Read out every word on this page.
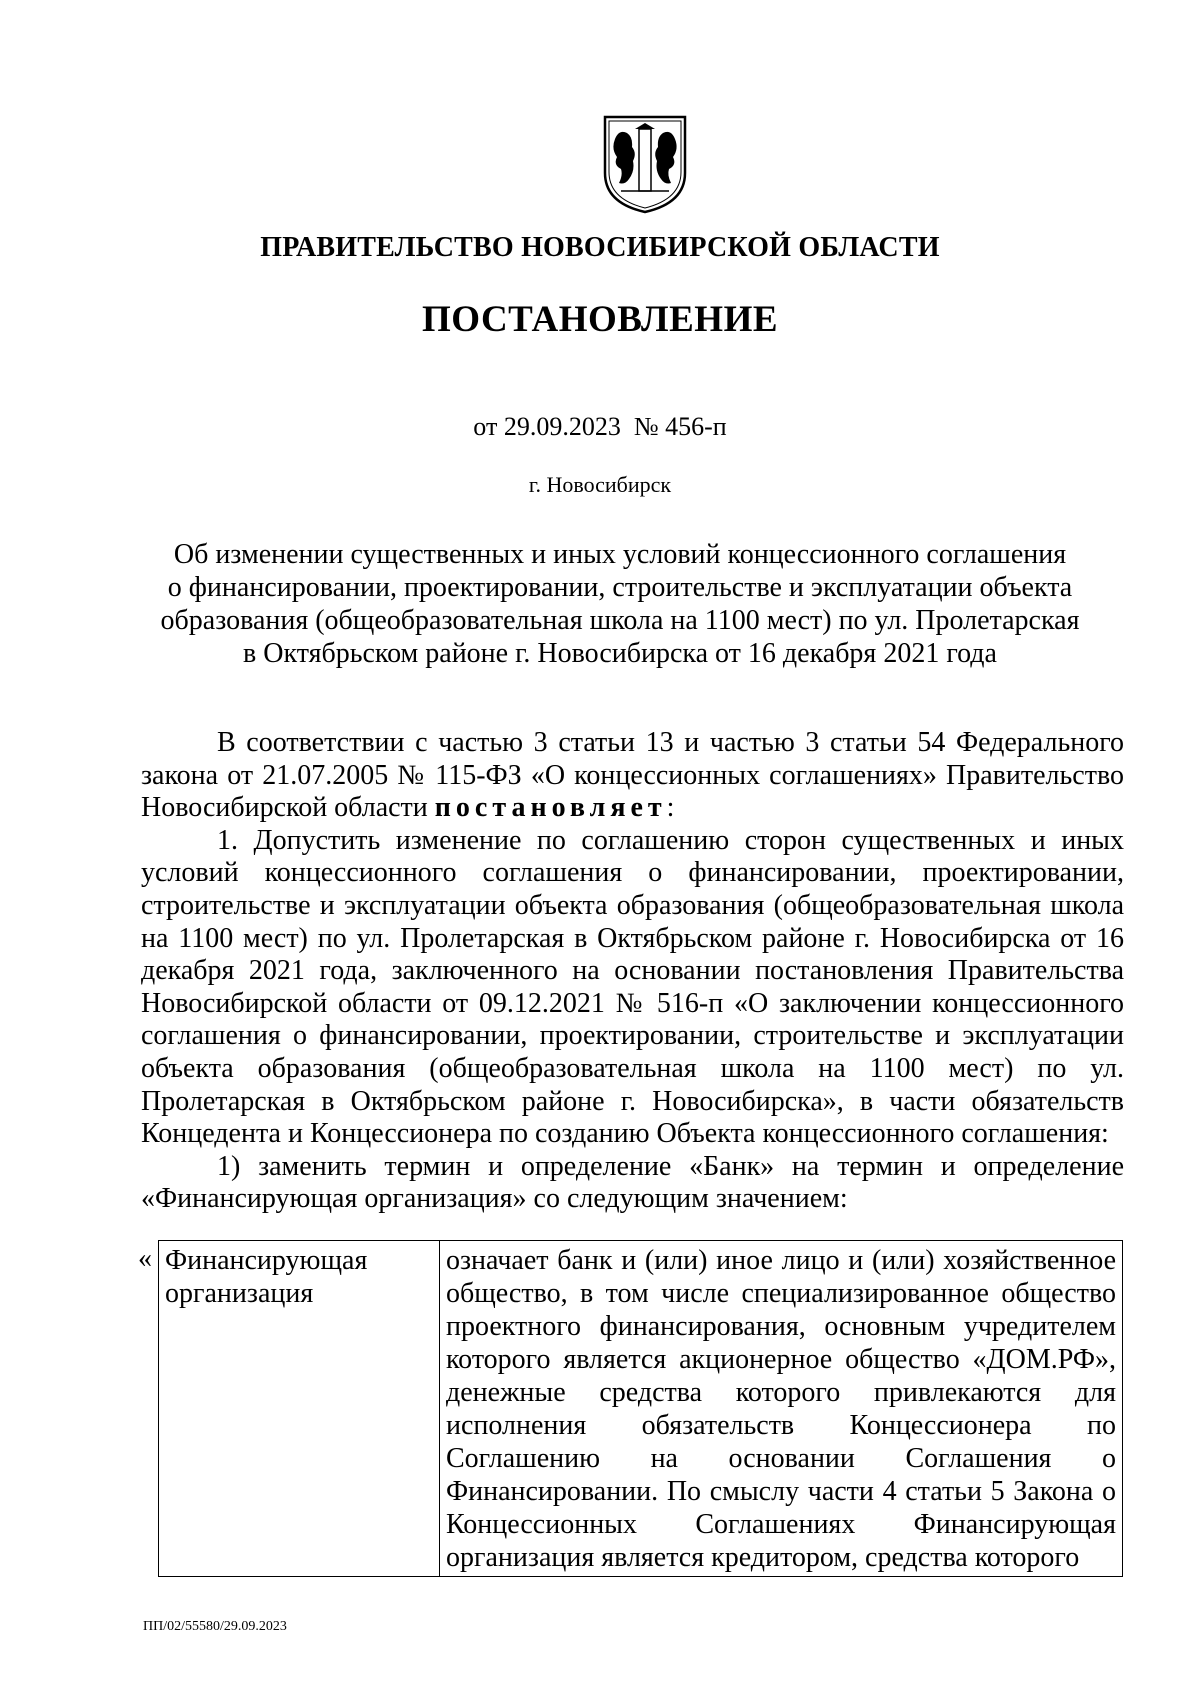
ПРАВИТЕЛЬСТВО НОВОСИБИРСКОЙ ОБЛАСТИ
ПОСТАНОВЛЕНИЕ
от 29.09.2023  № 456-п
г. Новосибирск
Об изменении существенных и иных условий концессионного соглашения
о финансировании, проектировании, строительстве и эксплуатации объекта
образования (общеобразовательная школа на 1100 мест) по ул. Пролетарская
в Октябрьском районе г. Новосибирска от 16 декабря 2021 года

В соответствии с частью 3 статьи 13 и частью 3 статьи 54 Федерального закона от 21.07.2005 № 115-ФЗ «О концессионных соглашениях» Правительство Новосибирской области постановляет:

1. Допустить изменение по соглашению сторон существенных и иных условий концессионного соглашения о финансировании, проектировании, строительстве и эксплуатации объекта образования (общеобразовательная школа на 1100 мест) по ул. Пролетарская в Октябрьском районе г. Новосибирска от 16 декабря 2021 года, заключенного на основании постановления Правительства Новосибирской области от 09.12.2021 № 516-п «О заключении концессионного соглашения о финансировании, проектировании, строительстве и эксплуатации объекта образования (общеобразовательная школа на 1100 мест) по ул. Пролетарская в Октябрьском районе г. Новосибирска», в части обязательств Концедента и Концессионера по созданию Объекта концессионного соглашения:

1) заменить термин и определение «Банк» на термин и определение «Финансирующая организация» со следующим значением:

« Финансирующая организация	означает банк и (или) иное лицо и (или) хозяйственное общество, в том числе специализированное общество проектного финансирования, основным учредителем которого является акционерное общество «ДОМ.РФ», денежные средства которого привлекаются для исполнения обязательств Концессионера по Соглашению на основании Соглашения о Финансировании. По смыслу части 4 статьи 5 Закона о Концессионных Соглашениях Финансирующая организация является кредитором, средства которого
ПП/02/55580/29.09.2023
